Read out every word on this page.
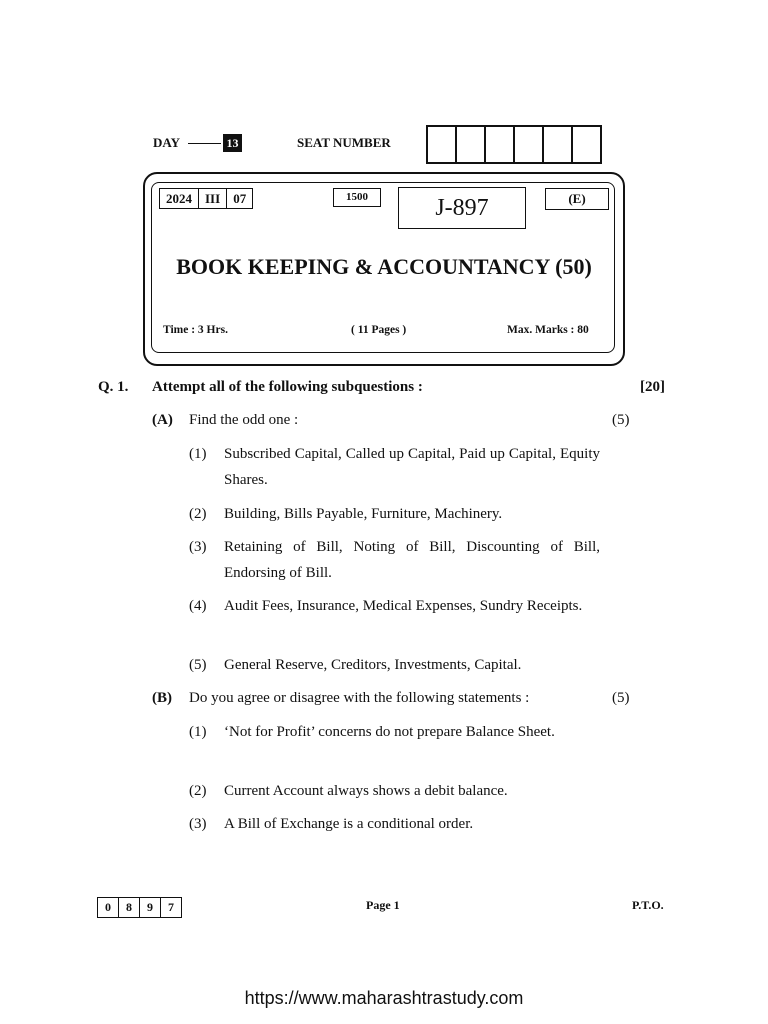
DAY	13	SEAT NUMBER
2024	III	07	1500	J-897	(E)
BOOK KEEPING & ACCOUNTANCY (50)
Time : 3 Hrs.	( 11 Pages )	Max. Marks : 80
Q. 1. Attempt all of the following subquestions :	[20]
(A) Find the odd one :	(5)
(1) Subscribed Capital, Called up Capital, Paid up Capital, Equity Shares.
(2) Building, Bills Payable, Furniture, Machinery.
(3) Retaining of Bill, Noting of Bill, Discounting of Bill, Endorsing of Bill.
(4) Audit Fees, Insurance, Medical Expenses, Sundry Receipts.
(5) General Reserve, Creditors, Investments, Capital.
(B) Do you agree or disagree with the following statements :	(5)
(1) ‘Not for Profit’ concerns do not prepare Balance Sheet.
(2) Current Account always shows a debit balance.
(3) A Bill of Exchange is a conditional order.
0	8	9	7	Page 1	P.T.O.
https://www.maharashtrastudy.com
